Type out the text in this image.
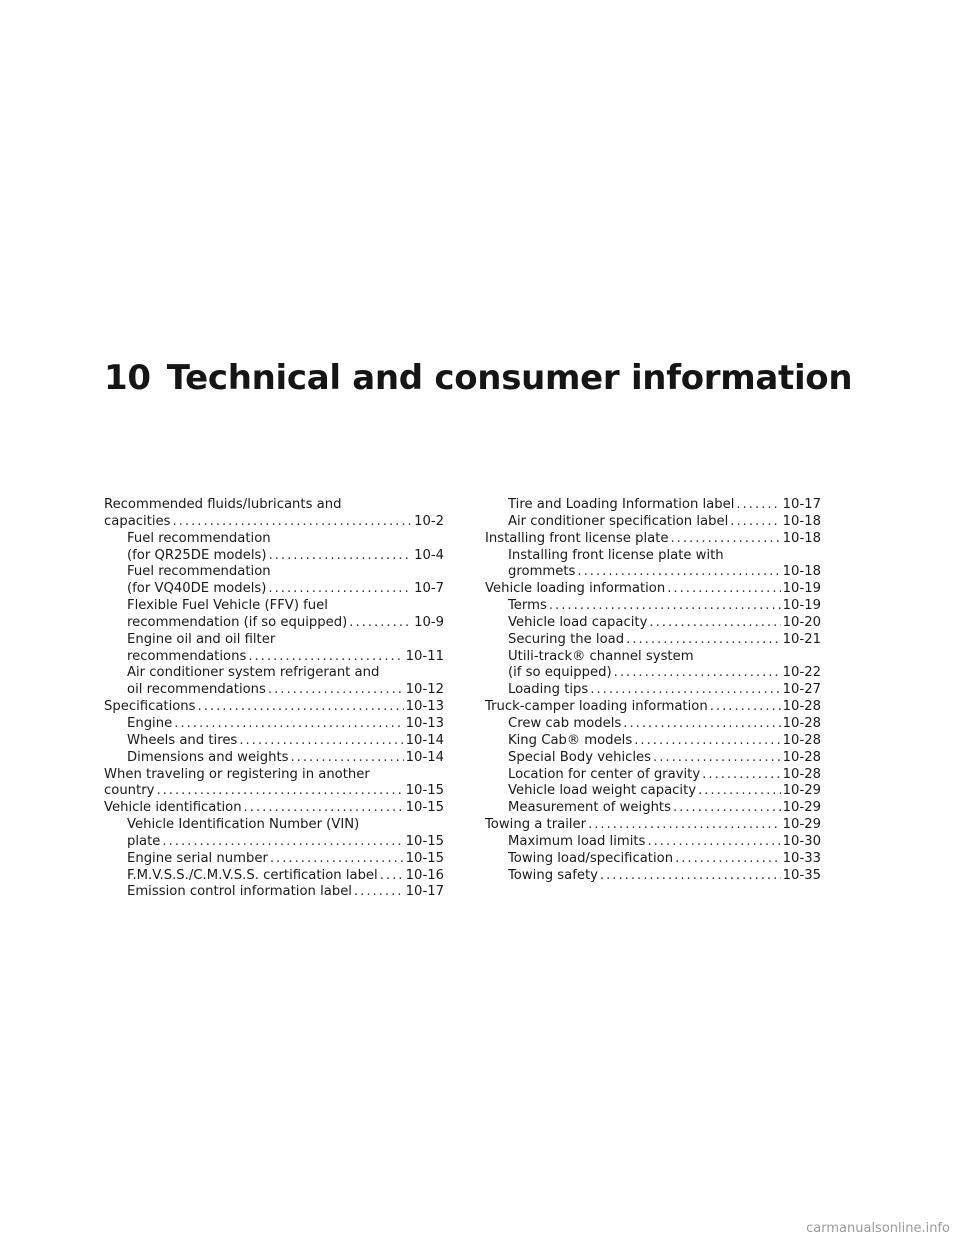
10 Technical and consumer information
Recommended fluids/lubricants and
capacities . . .	10-2
Fuel recommendation
(for QR25DE models) . . .	10-4
Fuel recommendation
(for VQ40DE models) . . .	10-7
Flexible Fuel Vehicle (FFV) fuel
recommendation (if so equipped) . . .	10-9
Engine oil and oil filter
recommendations . . .	10-11
Air conditioner system refrigerant and
oil recommendations . . .	10-12
Specifications . . .	10-13
Engine . . .	10-13
Wheels and tires . . .	10-14
Dimensions and weights . . .	10-14
When traveling or registering in another
country . . .	10-15
Vehicle identification . . .	10-15
Vehicle Identification Number (VIN)
plate . . .	10-15
Engine serial number . . .	10-15
F.M.V.S.S./C.M.V.S.S. certification label . . . 10-16
Emission control information label . . .	10-17
Tire and Loading Information label . . .	10-17
Air conditioner specification label . . .	10-18
Installing front license plate . . .	10-18
Installing front license plate with
grommets . . .	10-18
Vehicle loading information . . .	10-19
Terms . . .	10-19
Vehicle load capacity . . .	10-20
Securing the load . . .	10-21
Utili-track® channel system
(if so equipped) . . .	10-22
Loading tips . . .	10-27
Truck-camper loading information . . .	10-28
Crew cab models . . .	10-28
King Cab® models . . .	10-28
Special Body vehicles . . .	10-28
Location for center of gravity . . .	10-28
Vehicle load weight capacity . . .	10-29
Measurement of weights . . .	10-29
Towing a trailer . . .	10-29
Maximum load limits . . .	10-30
Towing load/specification . . .	10-33
Towing safety . . .	10-35
carmanualsonline.info
